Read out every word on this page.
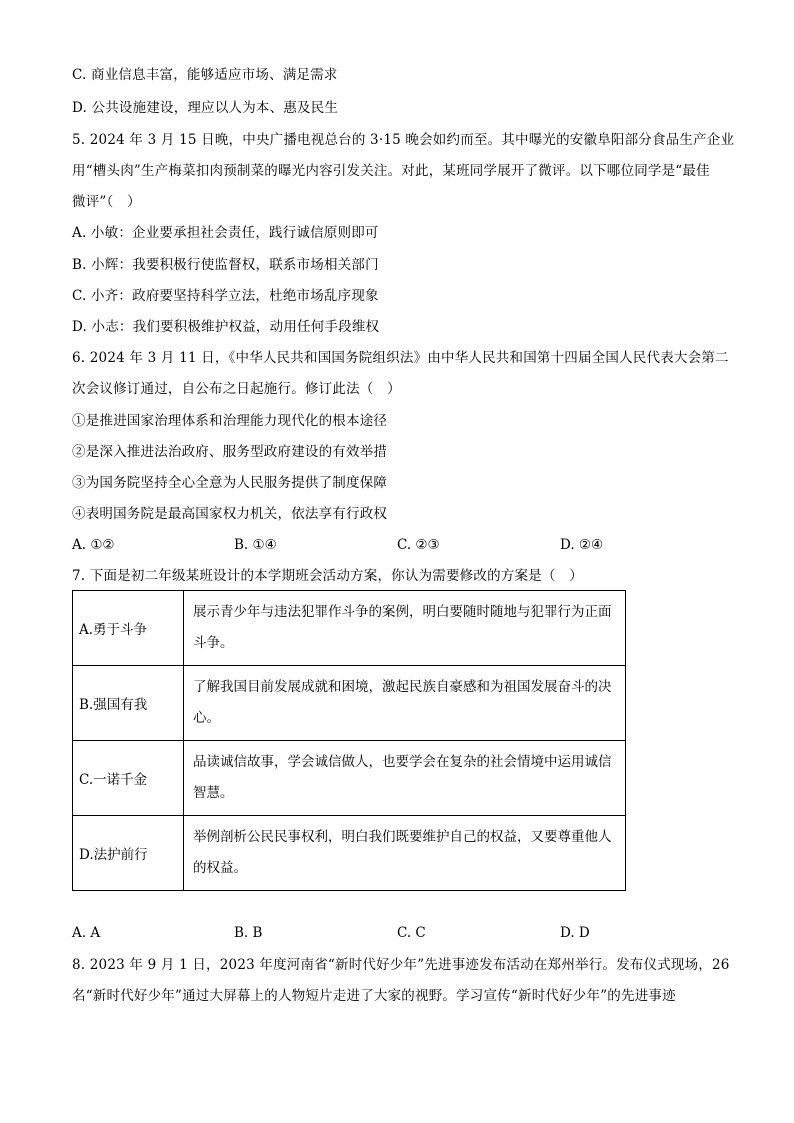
C. 商业信息丰富，能够适应市场、满足需求
D. 公共设施建设，理应以人为本、惠及民生
5. 2024 年 3 月 15 日晚，中央广播电视总台的 3·15 晚会如约而至。其中曝光的安徽阜阳部分食品生产企业
用“槽头肉”生产梅菜扣肉预制菜的曝光内容引发关注。对此，某班同学展开了微评。以下哪位同学是“最佳
微评”（　）
A. 小敏：企业要承担社会责任，践行诚信原则即可
B. 小辉：我要积极行使监督权，联系市场相关部门
C. 小齐：政府要坚持科学立法，杜绝市场乱序现象
D. 小志：我们要积极维护权益，动用任何手段维权
6. 2024 年 3 月 11 日，《中华人民共和国国务院组织法》由中华人民共和国第十四届全国人民代表大会第二
次会议修订通过，自公布之日起施行。修订此法（　）
①是推进国家治理体系和治理能力现代化的根本途径
②是深入推进法治政府、服务型政府建设的有效举措
③为国务院坚持全心全意为人民服务提供了制度保障
④表明国务院是最高国家权力机关，依法享有行政权
A. ①②	B. ①④	C. ②③	D. ②④
7. 下面是初二年级某班设计的本学期班会活动方案，你认为需要修改的方案是（　）
A.勇于斗争	展示青少年与违法犯罪作斗争的案例，明白要随时随地与犯罪行为正面斗争。
B.强国有我	了解我国目前发展成就和困境，激起民族自豪感和为祖国发展奋斗的决心。
C.一诺千金	品读诚信故事，学会诚信做人，也要学会在复杂的社会情境中运用诚信智慧。
D.法护前行	举例剖析公民民事权利，明白我们既要维护自己的权益，又要尊重他人的权益。
A. A	B. B	C. C	D. D
8. 2023 年 9 月 1 日，2023 年度河南省“新时代好少年”先进事迹发布活动在郑州举行。发布仪式现场，26
名“新时代好少年”通过大屏幕上的人物短片走进了大家的视野。学习宣传“新时代好少年”的先进事迹
